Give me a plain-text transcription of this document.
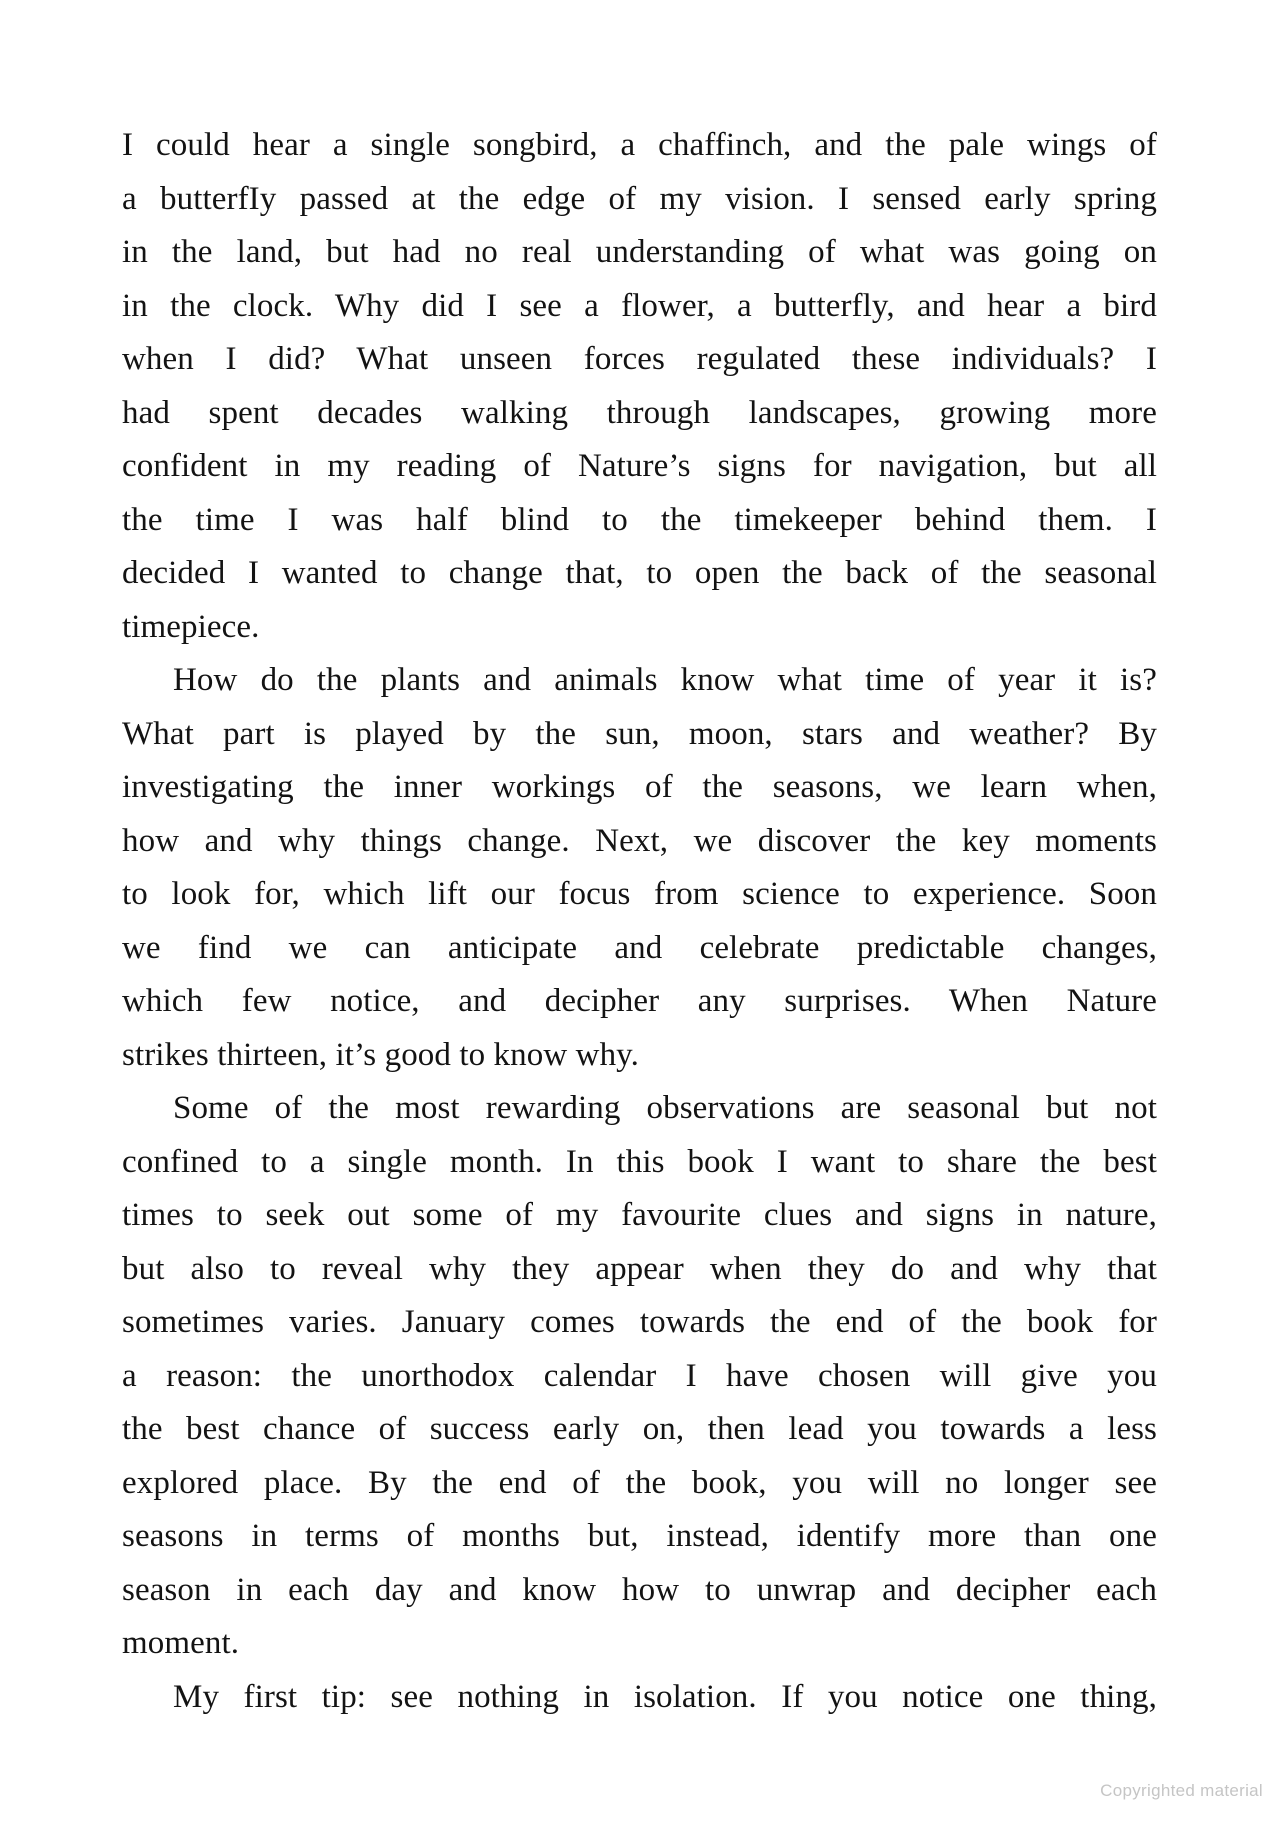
I could hear a single songbird, a chaffinch, and the pale wings of
a butterfIy passed at the edge of my vision. I sensed early spring
in the land, but had no real understanding of what was going on
in the clock. Why did I see a flower, a butterfly, and hear a bird
when I did? What unseen forces regulated these individuals? I
had spent decades walking through landscapes, growing more
confident in my reading of Nature’s signs for navigation, but all
the time I was half blind to the timekeeper behind them. I
decided I wanted to change that, to open the back of the seasonal
timepiece.

How do the plants and animals know what time of year it is?
What part is played by the sun, moon, stars and weather? By
investigating the inner workings of the seasons, we learn when,
how and why things change. Next, we discover the key moments
to look for, which lift our focus from science to experience. Soon
we find we can anticipate and celebrate predictable changes,
which few notice, and decipher any surprises. When Nature
strikes thirteen, it’s good to know why.

Some of the most rewarding observations are seasonal but not
confined to a single month. In this book I want to share the best
times to seek out some of my favourite clues and signs in nature,
but also to reveal why they appear when they do and why that
sometimes varies. January comes towards the end of the book for
a reason: the unorthodox calendar I have chosen will give you
the best chance of success early on, then lead you towards a less
explored place. By the end of the book, you will no longer see
seasons in terms of months but, instead, identify more than one
season in each day and know how to unwrap and decipher each
moment.

My first tip: see nothing in isolation. If you notice one thing,

Copyrighted material
